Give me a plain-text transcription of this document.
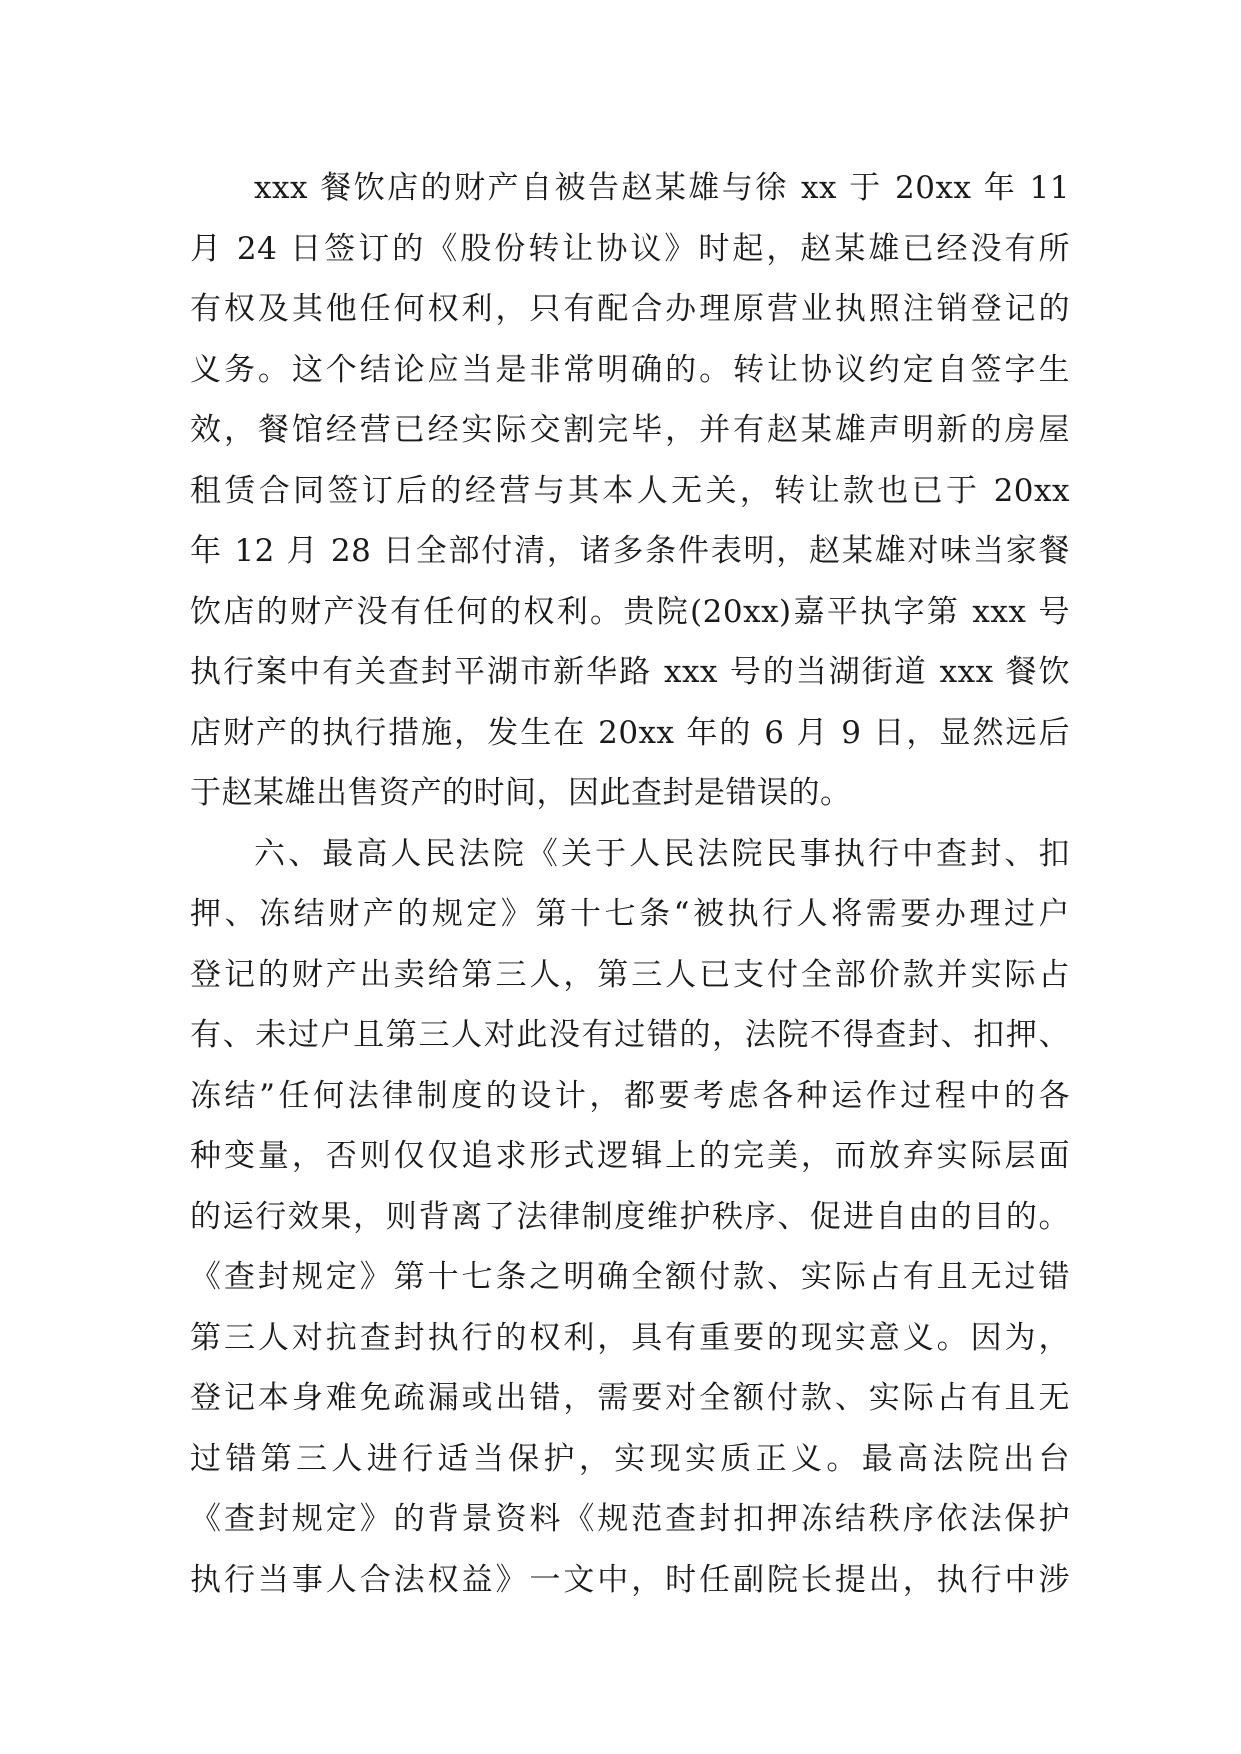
xxx 餐饮店的财产自被告赵某雄与徐 xx 于 20xx 年 11
月 24 日签订的《股份转让协议》时起，赵某雄已经没有所
有权及其他任何权利，只有配合办理原营业执照注销登记的
义务。这个结论应当是非常明确的。转让协议约定自签字生
效，餐馆经营已经实际交割完毕，并有赵某雄声明新的房屋
租赁合同签订后的经营与其本人无关，转让款也已于 20xx
年 12 月 28 日全部付清，诸多条件表明，赵某雄对味当家餐
饮店的财产没有任何的权利。贵院(20xx)嘉平执字第 xxx 号
执行案中有关查封平湖市新华路 xxx 号的当湖街道 xxx 餐饮
店财产的执行措施，发生在 20xx 年的 6 月 9 日，显然远后
于赵某雄出售资产的时间，因此查封是错误的。
六、最高人民法院《关于人民法院民事执行中查封、扣
押、冻结财产的规定》第十七条“被执行人将需要办理过户
登记的财产出卖给第三人，第三人已支付全部价款并实际占
有、未过户且第三人对此没有过错的，法院不得查封、扣押、
冻结”任何法律制度的设计，都要考虑各种运作过程中的各
种变量，否则仅仅追求形式逻辑上的完美，而放弃实际层面
的运行效果，则背离了法律制度维护秩序、促进自由的目的。
《查封规定》第十七条之明确全额付款、实际占有且无过错
第三人对抗查封执行的权利，具有重要的现实意义。因为，
登记本身难免疏漏或出错，需要对全额付款、实际占有且无
过错第三人进行适当保护，实现实质正义。最高法院出台
《查封规定》的背景资料《规范查封扣押冻结秩序依法保护
执行当事人合法权益》一文中，时任副院长提出，执行中涉
